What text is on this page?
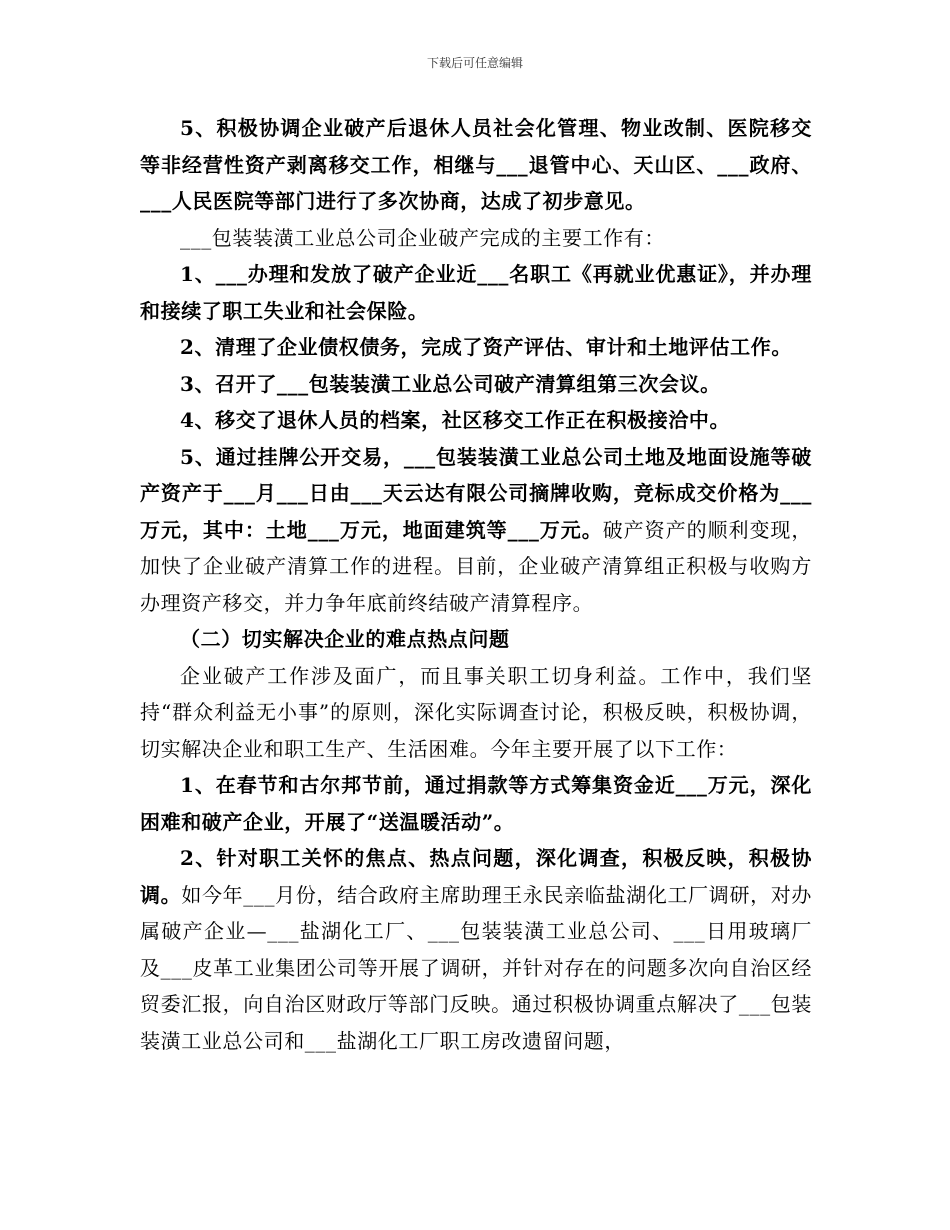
下载后可任意编辑

5、积极协调企业破产后退休人员社会化管理、物业改制、医院移交等非经营性资产剥离移交工作，相继与___退管中心、天山区、___政府、___人民医院等部门进行了多次协商，达成了初步意见。

___包装装潢工业总公司企业破产完成的主要工作有：

1、___办理和发放了破产企业近___名职工《再就业优惠证》，并办理和接续了职工失业和社会保险。

2、清理了企业债权债务，完成了资产评估、审计和土地评估工作。

3、召开了___包装装潢工业总公司破产清算组第三次会议。

4、移交了退休人员的档案，社区移交工作正在积极接洽中。

5、通过挂牌公开交易，___包装装潢工业总公司土地及地面设施等破产资产于___月___日由___天云达有限公司摘牌收购，竞标成交价格为___万元，其中：土地___万元，地面建筑等___万元。破产资产的顺利变现，加快了企业破产清算工作的进程。目前，企业破产清算组正积极与收购方办理资产移交，并力争年底前终结破产清算程序。

（二）切实解决企业的难点热点问题

企业破产工作涉及面广，而且事关职工切身利益。工作中，我们坚持“群众利益无小事”的原则，深化实际调查讨论，积极反映，积极协调，切实解决企业和职工生产、生活困难。今年主要开展了以下工作：

1、在春节和古尔邦节前，通过捐款等方式筹集资金近___万元，深化困难和破产企业，开展了“送温暖活动”。

2、针对职工关怀的焦点、热点问题，深化调查，积极反映，积极协调。如今年___月份，结合政府主席助理王永民亲临盐湖化工厂调研，对办属破产企业—___盐湖化工厂、___包装装潢工业总公司、___日用玻璃厂及___皮革工业集团公司等开展了调研，并针对存在的问题多次向自治区经贸委汇报，向自治区财政厅等部门反映。通过积极协调重点解决了___包装装潢工业总公司和___盐湖化工厂职工房改遗留问题，
